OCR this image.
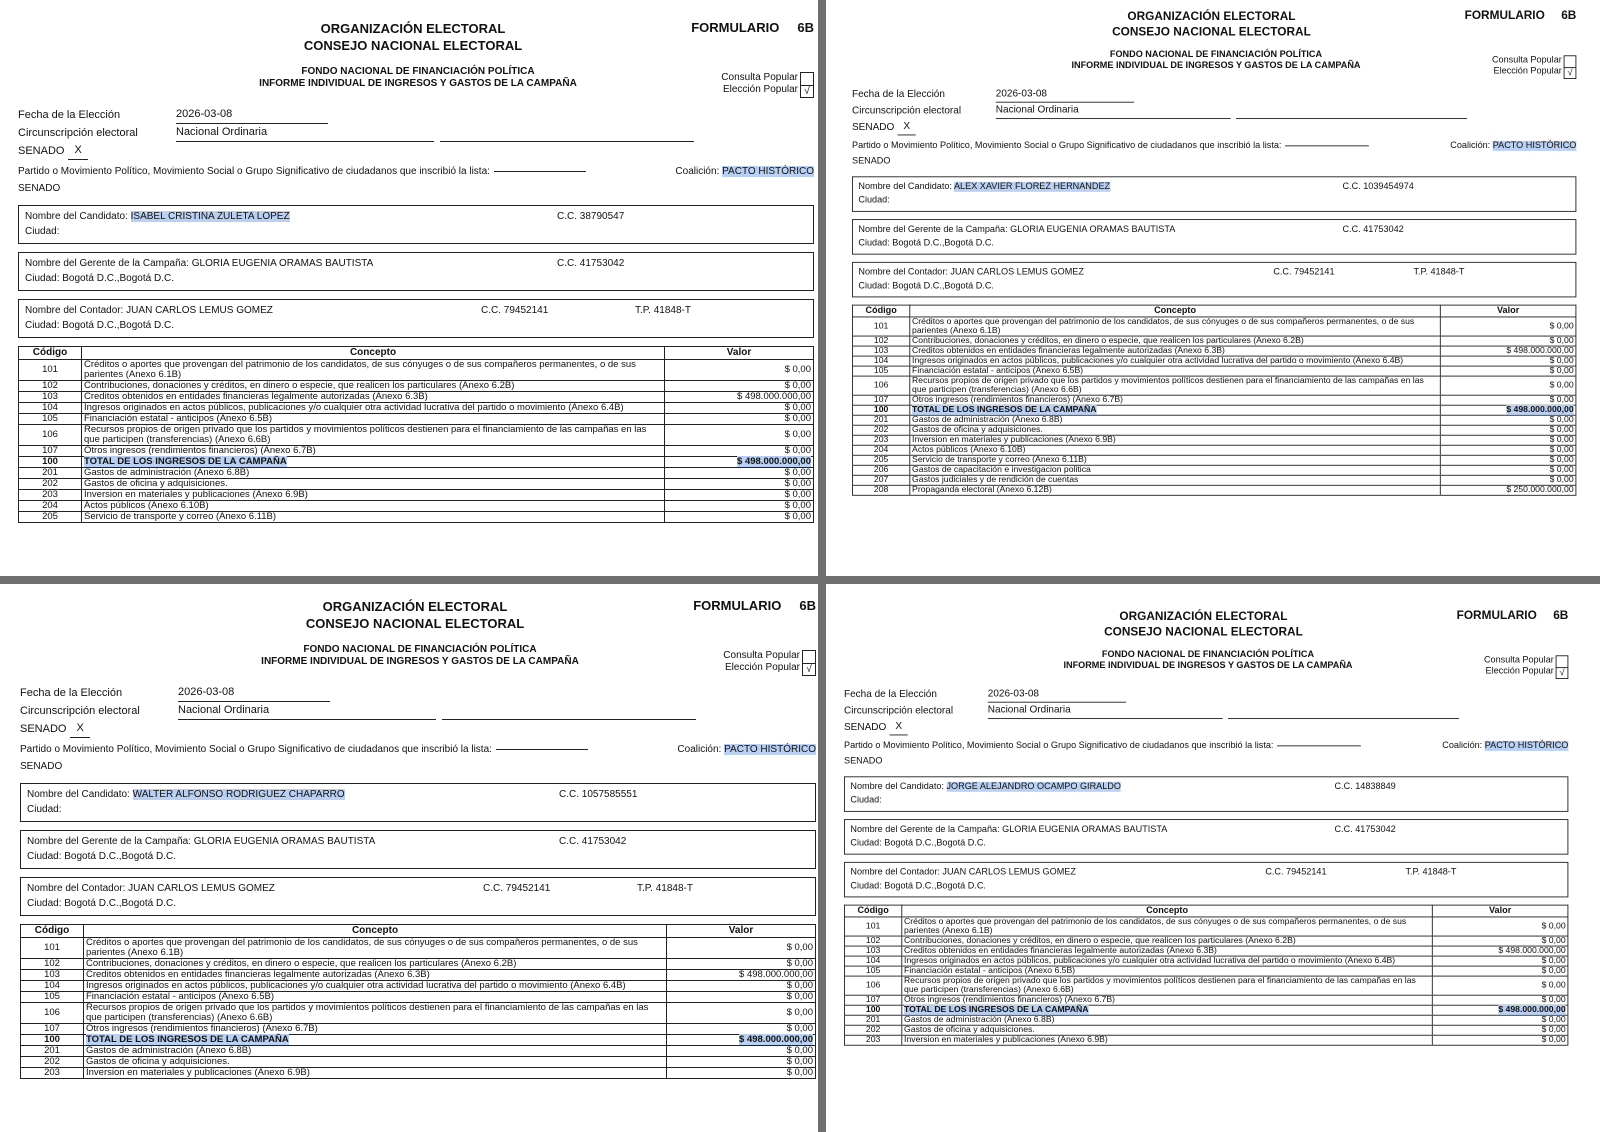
ORGANIZACIÓN ELECTORAL
CONSEJO NACIONAL ELECTORAL
FORMULARIO 6B
FONDO NACIONAL DE FINANCIACIÓN POLÍTICA
INFORME INDIVIDUAL DE INGRESOS Y GASTOS DE LA CAMPAÑA
Consulta Popular
Elección Popular √
Fecha de la Elección	2026-03-08
Circunscripción electoral	Nacional Ordinaria
SENADO X
Partido o Movimiento Político, Movimiento Social o Grupo Significativo de ciudadanos que inscribió la lista:	Coalición: PACTO HISTÓRICO
SENADO
Nombre del Candidato: ISABEL CRISTINA ZULETA LOPEZ	C.C. 38790547
Ciudad:
Nombre del Gerente de la Campaña: GLORIA EUGENIA ORAMAS BAUTISTA	C.C. 41753042
Ciudad: Bogotá D.C.,Bogotá D.C.
Nombre del Contador: JUAN CARLOS LEMUS GOMEZ	C.C. 79452141	T.P. 41848-T
Ciudad: Bogotá D.C.,Bogotá D.C.
Código	Concepto	Valor
101	Créditos o aportes que provengan del patrimonio de los candidatos, de sus cónyuges o de sus compañeros permanentes, o de sus parientes (Anexo 6.1B)	$ 0,00
102	Contribuciones, donaciones y créditos, en dinero o especie, que realicen los particulares (Anexo 6.2B)	$ 0,00
103	Creditos obtenidos en entidades financieras legalmente autorizadas (Anexo 6.3B)	$ 498.000.000,00
104	Ingresos originados en actos públicos, publicaciones y/o cualquier otra actividad lucrativa del partido o movimiento (Anexo 6.4B)	$ 0,00
105	Financiación estatal - anticipos (Anexo 6.5B)	$ 0,00
106	Recursos propios de origen privado que los partidos y movimientos políticos destienen para el financiamiento de las campañas en las que participen (transferencias) (Anexo 6.6B)	$ 0,00
107	Otros ingresos (rendimientos financieros) (Anexo 6.7B)	$ 0,00
100	TOTAL DE LOS INGRESOS DE LA CAMPAÑA	$ 498.000.000,00
201	Gastos de administración (Anexo 6.8B)	$ 0,00
202	Gastos de oficina y adquisiciones.	$ 0,00
203	Inversion en materiales y publicaciones (Anexo 6.9B)	$ 0,00
204	Actos públicos (Anexo 6.10B)	$ 0,00
205	Servicio de transporte y correo (Anexo 6.11B)	$ 0,00
ORGANIZACIÓN ELECTORAL
CONSEJO NACIONAL ELECTORAL
FORMULARIO 6B
FONDO NACIONAL DE FINANCIACIÓN POLÍTICA
INFORME INDIVIDUAL DE INGRESOS Y GASTOS DE LA CAMPAÑA
Consulta Popular
Elección Popular √
Fecha de la Elección	2026-03-08
Circunscripción electoral	Nacional Ordinaria
SENADO X
Partido o Movimiento Político, Movimiento Social o Grupo Significativo de ciudadanos que inscribió la lista:	Coalición: PACTO HISTÓRICO
SENADO
Nombre del Candidato: ALEX XAVIER FLOREZ HERNANDEZ	C.C. 1039454974
Ciudad:
Nombre del Gerente de la Campaña: GLORIA EUGENIA ORAMAS BAUTISTA	C.C. 41753042
Ciudad: Bogotá D.C.,Bogotá D.C.
Nombre del Contador: JUAN CARLOS LEMUS GOMEZ	C.C. 79452141	T.P. 41848-T
Ciudad: Bogotá D.C.,Bogotá D.C.
Código	Concepto	Valor
101	Créditos o aportes que provengan del patrimonio de los candidatos, de sus cónyuges o de sus compañeros permanentes, o de sus parientes (Anexo 6.1B)	$ 0,00
102	Contribuciones, donaciones y créditos, en dinero o especie, que realicen los particulares (Anexo 6.2B)	$ 0,00
103	Creditos obtenidos en entidades financieras legalmente autorizadas (Anexo 6.3B)	$ 498.000.000,00
104	Ingresos originados en actos públicos, publicaciones y/o cualquier otra actividad lucrativa del partido o movimiento (Anexo 6.4B)	$ 0,00
105	Financiación estatal - anticipos (Anexo 6.5B)	$ 0,00
106	Recursos propios de origen privado que los partidos y movimientos políticos destienen para el financiamiento de las campañas en las que participen (transferencias) (Anexo 6.6B)	$ 0,00
107	Otros ingresos (rendimientos financieros) (Anexo 6.7B)	$ 0,00
100	TOTAL DE LOS INGRESOS DE LA CAMPAÑA	$ 498.000.000,00
201	Gastos de administración (Anexo 6.8B)	$ 0,00
202	Gastos de oficina y adquisiciones.	$ 0,00
203	Inversion en materiales y publicaciones (Anexo 6.9B)	$ 0,00
204	Actos públicos (Anexo 6.10B)	$ 0,00
205	Servicio de transporte y correo (Anexo 6.11B)	$ 0,00
206	Gastos de capacitación e investigacion politica	$ 0,00
207	Gastos judiciales y de rendición de cuentas	$ 0,00
208	Propaganda electoral (Anexo 6.12B)	$ 250.000.000,00
ORGANIZACIÓN ELECTORAL
CONSEJO NACIONAL ELECTORAL
FORMULARIO 6B
FONDO NACIONAL DE FINANCIACIÓN POLÍTICA
INFORME INDIVIDUAL DE INGRESOS Y GASTOS DE LA CAMPAÑA
Consulta Popular
Elección Popular √
Fecha de la Elección	2026-03-08
Circunscripción electoral	Nacional Ordinaria
SENADO X
Partido o Movimiento Político, Movimiento Social o Grupo Significativo de ciudadanos que inscribió la lista:	Coalición: PACTO HISTÓRICO
SENADO
Nombre del Candidato: WALTER ALFONSO RODRIGUEZ CHAPARRO	C.C. 1057585551
Ciudad:
Nombre del Gerente de la Campaña: GLORIA EUGENIA ORAMAS BAUTISTA	C.C. 41753042
Ciudad: Bogotá D.C.,Bogotá D.C.
Nombre del Contador: JUAN CARLOS LEMUS GOMEZ	C.C. 79452141	T.P. 41848-T
Ciudad: Bogotá D.C.,Bogotá D.C.
Código	Concepto	Valor
101	Créditos o aportes que provengan del patrimonio de los candidatos, de sus cónyuges o de sus compañeros permanentes, o de sus parientes (Anexo 6.1B)	$ 0,00
102	Contribuciones, donaciones y créditos, en dinero o especie, que realicen los particulares (Anexo 6.2B)	$ 0,00
103	Creditos obtenidos en entidades financieras legalmente autorizadas (Anexo 6.3B)	$ 498.000.000,00
104	Ingresos originados en actos públicos, publicaciones y/o cualquier otra actividad lucrativa del partido o movimiento (Anexo 6.4B)	$ 0,00
105	Financiación estatal - anticipos (Anexo 6.5B)	$ 0,00
106	Recursos propios de origen privado que los partidos y movimientos políticos destienen para el financiamiento de las campañas en las que participen (transferencias) (Anexo 6.6B)	$ 0,00
107	Otros ingresos (rendimientos financieros) (Anexo 6.7B)	$ 0,00
100	TOTAL DE LOS INGRESOS DE LA CAMPAÑA	$ 498.000.000,00
201	Gastos de administración (Anexo 6.8B)	$ 0,00
202	Gastos de oficina y adquisiciones.	$ 0,00
203	Inversion en materiales y publicaciones (Anexo 6.9B)	$ 0,00
ORGANIZACIÓN ELECTORAL
CONSEJO NACIONAL ELECTORAL
FORMULARIO 6B
FONDO NACIONAL DE FINANCIACIÓN POLÍTICA
INFORME INDIVIDUAL DE INGRESOS Y GASTOS DE LA CAMPAÑA
Consulta Popular
Elección Popular √
Fecha de la Elección	2026-03-08
Circunscripción electoral	Nacional Ordinaria
SENADO X
Partido o Movimiento Político, Movimiento Social o Grupo Significativo de ciudadanos que inscribió la lista:	Coalición: PACTO HISTÓRICO
SENADO
Nombre del Candidato: JORGE ALEJANDRO OCAMPO GIRALDO	C.C. 14838849
Ciudad:
Nombre del Gerente de la Campaña: GLORIA EUGENIA ORAMAS BAUTISTA	C.C. 41753042
Ciudad: Bogotá D.C.,Bogotá D.C.
Nombre del Contador: JUAN CARLOS LEMUS GOMEZ	C.C. 79452141	T.P. 41848-T
Ciudad: Bogotá D.C.,Bogotá D.C.
Código	Concepto	Valor
101	Créditos o aportes que provengan del patrimonio de los candidatos, de sus cónyuges o de sus compañeros permanentes, o de sus parientes (Anexo 6.1B)	$ 0,00
102	Contribuciones, donaciones y créditos, en dinero o especie, que realicen los particulares (Anexo 6.2B)	$ 0,00
103	Creditos obtenidos en entidades financieras legalmente autorizadas (Anexo 6.3B)	$ 498.000.000,00
104	Ingresos originados en actos públicos, publicaciones y/o cualquier otra actividad lucrativa del partido o movimiento (Anexo 6.4B)	$ 0,00
105	Financiación estatal - anticipos (Anexo 6.5B)	$ 0,00
106	Recursos propios de origen privado que los partidos y movimientos políticos destienen para el financiamiento de las campañas en las que participen (transferencias) (Anexo 6.6B)	$ 0,00
107	Otros ingresos (rendimientos financieros) (Anexo 6.7B)	$ 0,00
100	TOTAL DE LOS INGRESOS DE LA CAMPAÑA	$ 498.000.000,00
201	Gastos de administración (Anexo 6.8B)	$ 0,00
202	Gastos de oficina y adquisiciones.	$ 0,00
203	Inversion en materiales y publicaciones (Anexo 6.9B)	$ 0,00
